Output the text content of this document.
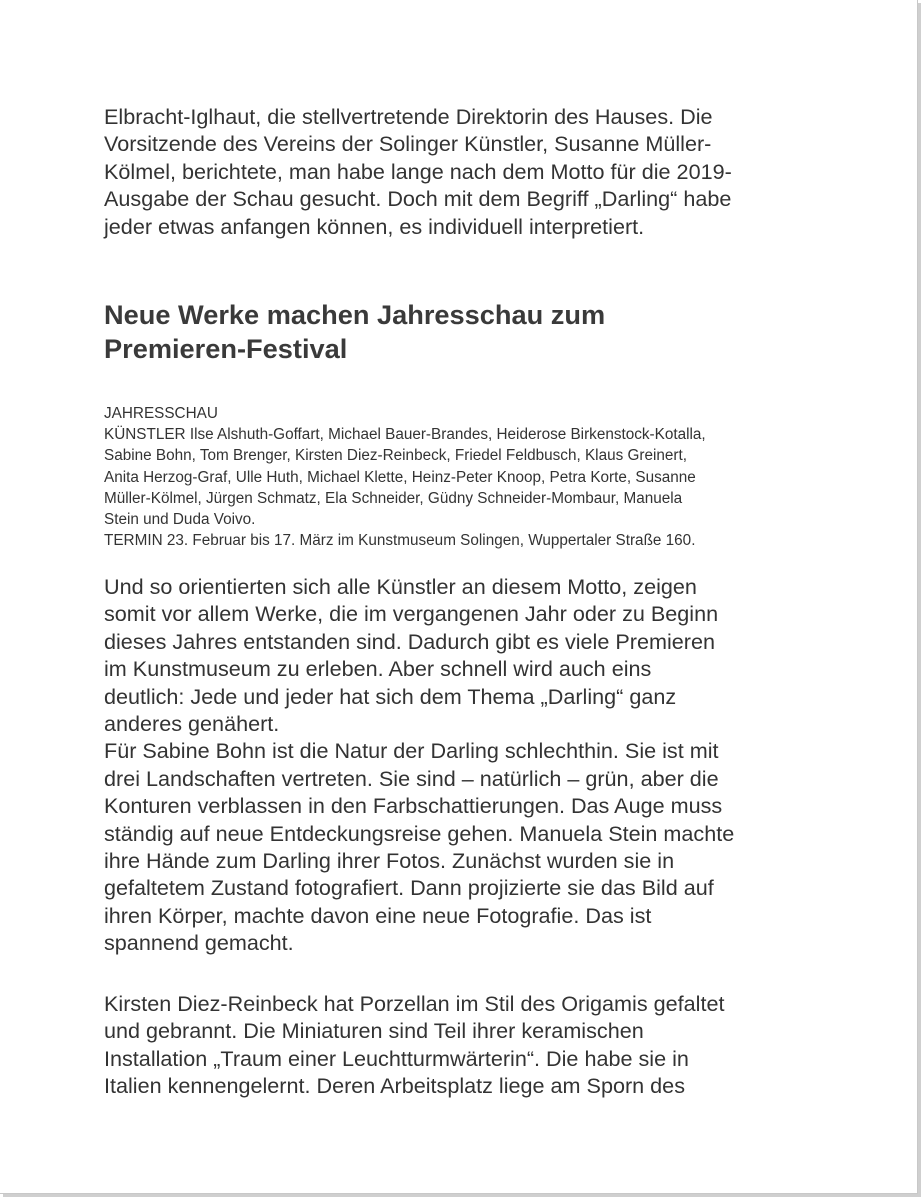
Elbracht-Iglhaut, die stellvertretende Direktorin des Hauses. Die
Vorsitzende des Vereins der Solinger Künstler, Susanne Müller-
Kölmel, berichtete, man habe lange nach dem Motto für die 2019-
Ausgabe der Schau gesucht. Doch mit dem Begriff „Darling“ habe
jeder etwas anfangen können, es individuell interpretiert.

Neue Werke machen Jahresschau zum
Premieren-Festival
JAHRESSCHAU
KÜNSTLER Ilse Alshuth-Goffart, Michael Bauer-Brandes, Heiderose Birkenstock-Kotalla,
Sabine Bohn, Tom Brenger, Kirsten Diez-Reinbeck, Friedel Feldbusch, Klaus Greinert,
Anita Herzog-Graf, Ulle Huth, Michael Klette, Heinz-Peter Knoop, Petra Korte, Susanne
Müller-Kölmel, Jürgen Schmatz, Ela Schneider, Güdny Schneider-Mombaur, Manuela
Stein und Duda Voivo.
TERMIN 23. Februar bis 17. März im Kunstmuseum Solingen, Wuppertaler Straße 160.

Und so orientierten sich alle Künstler an diesem Motto, zeigen
somit vor allem Werke, die im vergangenen Jahr oder zu Beginn
dieses Jahres entstanden sind. Dadurch gibt es viele Premieren
im Kunstmuseum zu erleben. Aber schnell wird auch eins
deutlich: Jede und jeder hat sich dem Thema „Darling“ ganz
anderes genähert.
Für Sabine Bohn ist die Natur der Darling schlechthin. Sie ist mit
drei Landschaften vertreten. Sie sind – natürlich – grün, aber die
Konturen verblassen in den Farbschattierungen. Das Auge muss
ständig auf neue Entdeckungsreise gehen. Manuela Stein machte
ihre Hände zum Darling ihrer Fotos. Zunächst wurden sie in
gefaltetem Zustand fotografiert. Dann projizierte sie das Bild auf
ihren Körper, machte davon eine neue Fotografie. Das ist
spannend gemacht.

Kirsten Diez-Reinbeck hat Porzellan im Stil des Origamis gefaltet
und gebrannt. Die Miniaturen sind Teil ihrer keramischen
Installation „Traum einer Leuchtturmwärterin“. Die habe sie in
Italien kennengelernt. Deren Arbeitsplatz liege am Sporn des
